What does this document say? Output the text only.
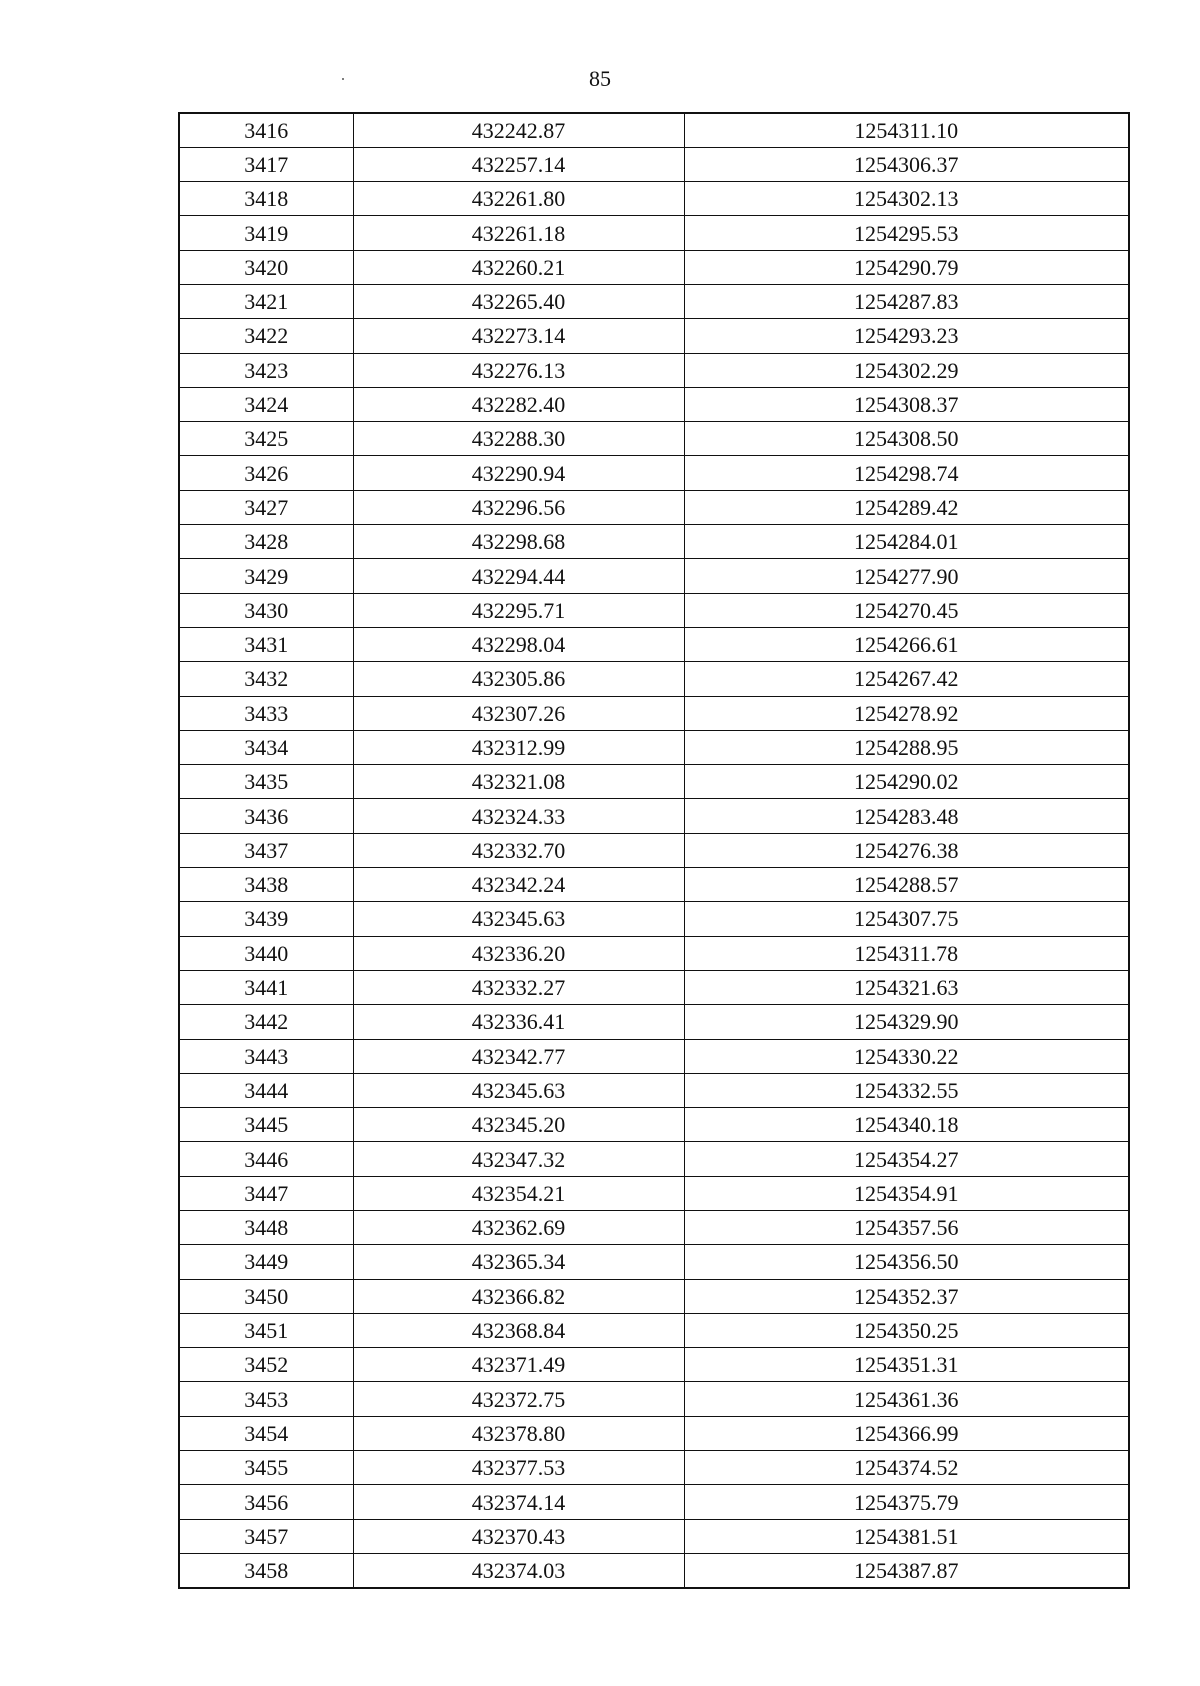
85
3416	432242.87	1254311.10
3417	432257.14	1254306.37
3418	432261.80	1254302.13
3419	432261.18	1254295.53
3420	432260.21	1254290.79
3421	432265.40	1254287.83
3422	432273.14	1254293.23
3423	432276.13	1254302.29
3424	432282.40	1254308.37
3425	432288.30	1254308.50
3426	432290.94	1254298.74
3427	432296.56	1254289.42
3428	432298.68	1254284.01
3429	432294.44	1254277.90
3430	432295.71	1254270.45
3431	432298.04	1254266.61
3432	432305.86	1254267.42
3433	432307.26	1254278.92
3434	432312.99	1254288.95
3435	432321.08	1254290.02
3436	432324.33	1254283.48
3437	432332.70	1254276.38
3438	432342.24	1254288.57
3439	432345.63	1254307.75
3440	432336.20	1254311.78
3441	432332.27	1254321.63
3442	432336.41	1254329.90
3443	432342.77	1254330.22
3444	432345.63	1254332.55
3445	432345.20	1254340.18
3446	432347.32	1254354.27
3447	432354.21	1254354.91
3448	432362.69	1254357.56
3449	432365.34	1254356.50
3450	432366.82	1254352.37
3451	432368.84	1254350.25
3452	432371.49	1254351.31
3453	432372.75	1254361.36
3454	432378.80	1254366.99
3455	432377.53	1254374.52
3456	432374.14	1254375.79
3457	432370.43	1254381.51
3458	432374.03	1254387.87
